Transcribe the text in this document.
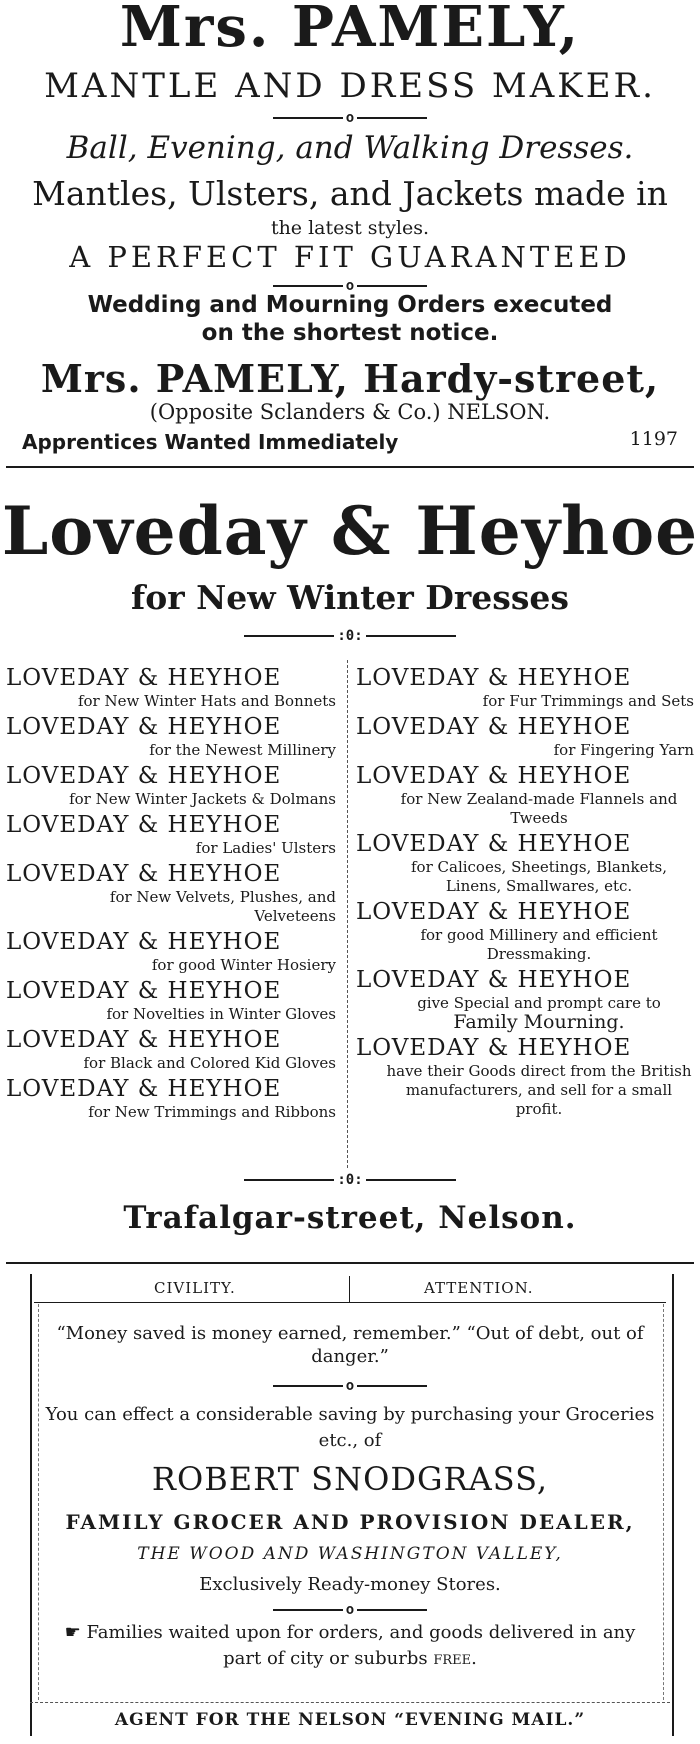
Mrs. PAMELY,
MANTLE AND DRESS MAKER.
o
Ball, Evening, and Walking Dresses.
Mantles, Ulsters, and Jackets made in
the latest styles.
A PERFECT FIT GUARANTEED
o
Wedding and Mourning Orders executed
on the shortest notice.
Mrs. PAMELY, Hardy-street,
(Opposite Sclanders & Co.) NELSON.
Apprentices Wanted Immediately	1197
Loveday & Heyhoe
for New Winter Dresses
:0:
LOVEDAY & HEYHOE
for New Winter Hats and Bonnets
LOVEDAY & HEYHOE
for the Newest Millinery
LOVEDAY & HEYHOE
for New Winter Jackets & Dolmans
LOVEDAY & HEYHOE
for Ladies' Ulsters
LOVEDAY & HEYHOE
for New Velvets, Plushes, and Velveteens
LOVEDAY & HEYHOE
for good Winter Hosiery
LOVEDAY & HEYHOE
for Novelties in Winter Gloves
LOVEDAY & HEYHOE
for Black and Colored Kid Gloves
LOVEDAY & HEYHOE
for New Trimmings and Ribbons
LOVEDAY & HEYHOE
for Fur Trimmings and Sets
LOVEDAY & HEYHOE
for Fingering Yarn
LOVEDAY & HEYHOE
for New Zealand-made Flannels and Tweeds
LOVEDAY & HEYHOE
for Calicoes, Sheetings, Blankets, Linens, Smallwares, etc.
LOVEDAY & HEYHOE
for good Millinery and efficient Dressmaking.
LOVEDAY & HEYHOE
give Special and prompt care to
Family Mourning.
LOVEDAY & HEYHOE
have their Goods direct from the British manufacturers, and sell for a small profit.
:0:
Trafalgar-street, Nelson.
CIVILITY.	ATTENTION.
“Money saved is money earned, remember.” “Out of debt, out of
danger.”
o
You can effect a considerable saving by purchasing your Groceries
etc., of
ROBERT SNODGRASS,
FAMILY GROCER AND PROVISION DEALER,
THE WOOD AND WASHINGTON VALLEY,
Exclusively Ready-money Stores.
o
☛ Families waited upon for orders, and goods delivered in any
part of city or suburbs free.
AGENT FOR THE NELSON “EVENING MAIL.”
